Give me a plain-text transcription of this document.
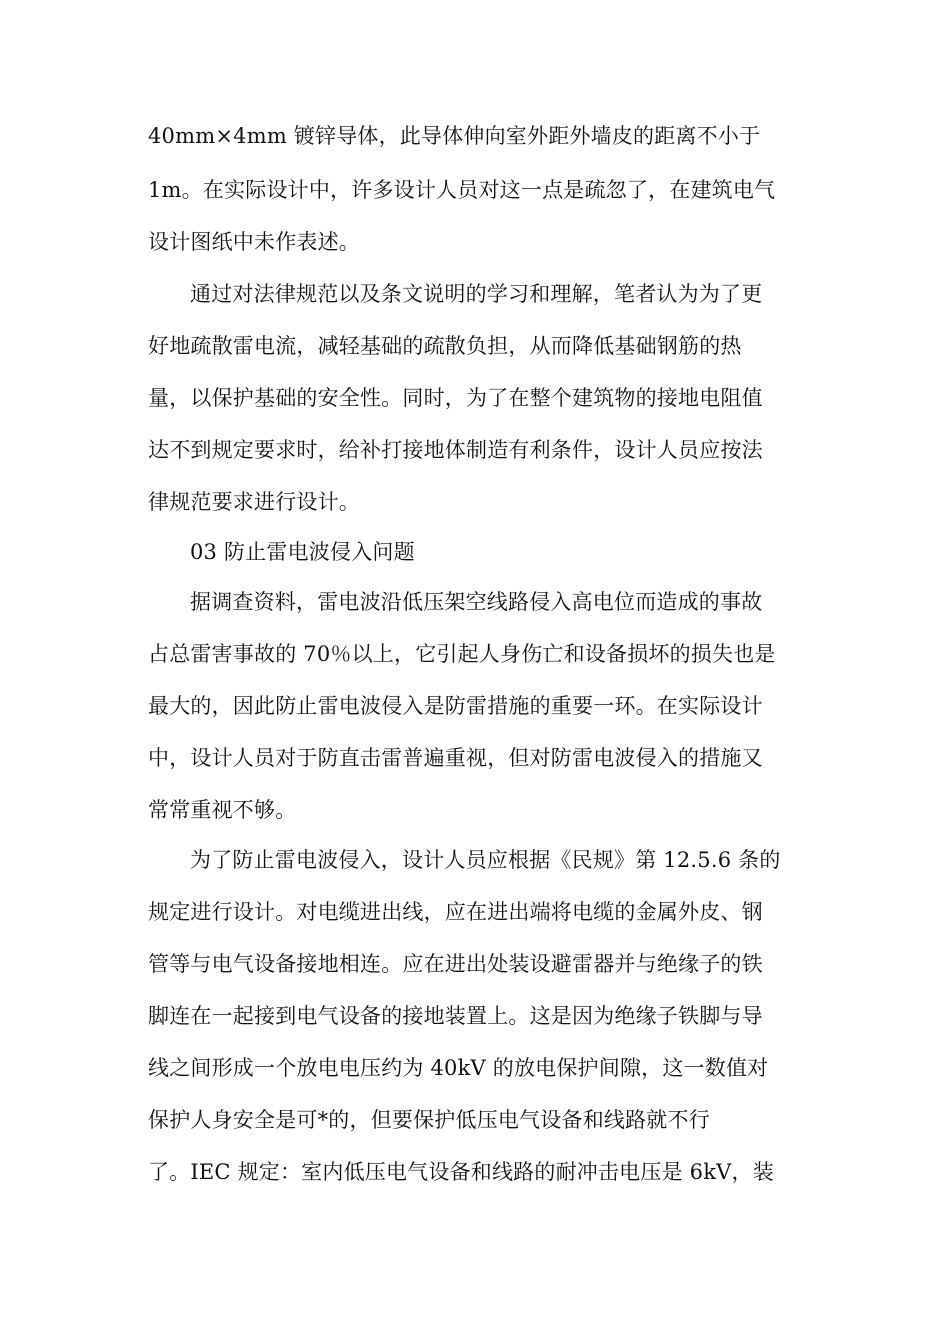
40mm×4mm 镀锌导体，此导体伸向室外距外墙皮的距离不小于
1m。在实际设计中，许多设计人员对这一点是疏忽了，在建筑电气
设计图纸中未作表述。
通过对法律规范以及条文说明的学习和理解，笔者认为为了更
好地疏散雷电流，减轻基础的疏散负担，从而降低基础钢筋的热
量，以保护基础的安全性。同时，为了在整个建筑物的接地电阻值
达不到规定要求时，给补打接地体制造有利条件，设计人员应按法
律规范要求进行设计。
03 防止雷电波侵入问题
据调查资料，雷电波沿低压架空线路侵入高电位而造成的事故
占总雷害事故的 70％以上，它引起人身伤亡和设备损坏的损失也是
最大的，因此防止雷电波侵入是防雷措施的重要一环。在实际设计
中，设计人员对于防直击雷普遍重视，但对防雷电波侵入的措施又
常常重视不够。
为了防止雷电波侵入，设计人员应根据《民规》第 12.5.6 条的
规定进行设计。对电缆进出线，应在进出端将电缆的金属外皮、钢
管等与电气设备接地相连。应在进出处装设避雷器并与绝缘子的铁
脚连在一起接到电气设备的接地装置上。这是因为绝缘子铁脚与导
线之间形成一个放电电压约为 40kV 的放电保护间隙，这一数值对
保护人身安全是可*的，但要保护低压电气设备和线路就不行
了。IEC 规定：室内低压电气设备和线路的耐冲击电压是 6kV，装
